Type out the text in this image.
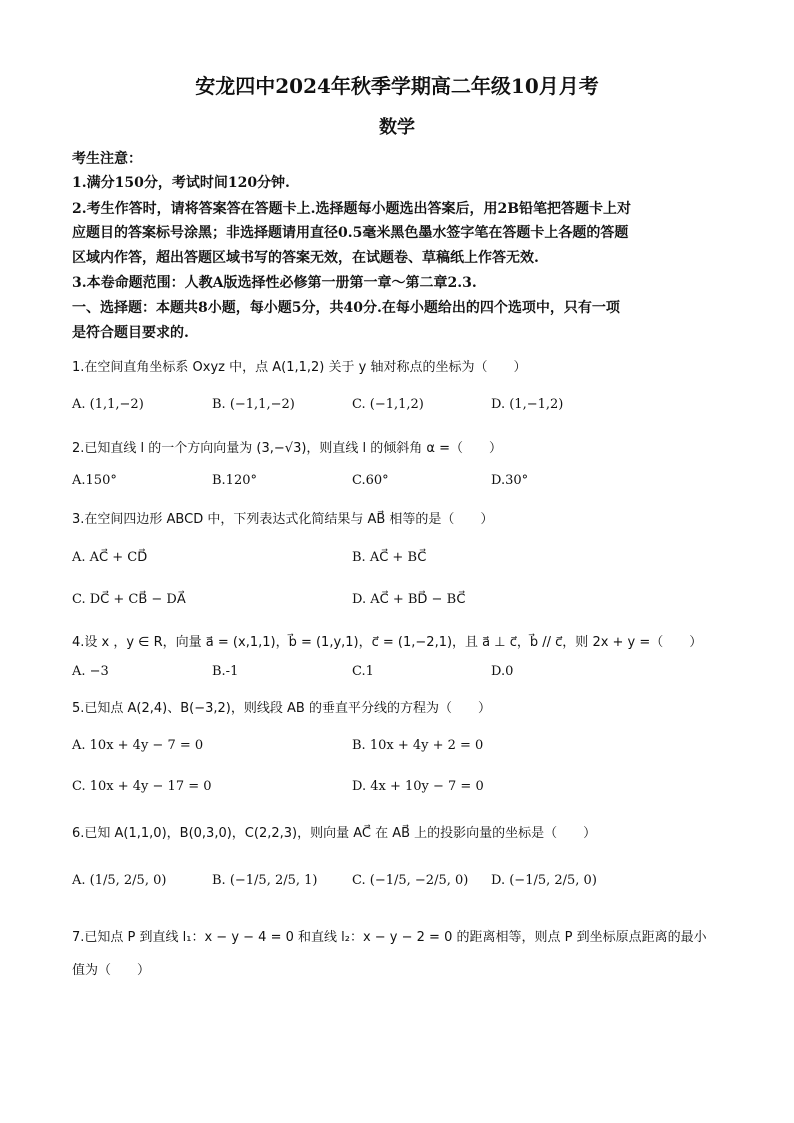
安龙四中2024年秋季学期高二年级10月月考
数学
考生注意：
1.满分150分，考试时间120分钟.
2.考生作答时，请将答案答在答题卡上.选择题每小题选出答案后，用2B铅笔把答题卡上对
应题目的答案标号涂黑；非选择题请用直径0.5毫米黑色墨水签字笔在答题卡上各题的答题
区域内作答，超出答题区域书写的答案无效，在试题卷、草稿纸上作答无效.
3.本卷命题范围：人教A版选择性必修第一册第一章～第二章2.3.
一、选择题：本题共8小题，每小题5分，共40分.在每小题给出的四个选项中，只有一项
是符合题目要求的.
1.在空间直角坐标系 Oxyz 中，点 A(1,1,2) 关于 y 轴对称点的坐标为（　　）
A. (1,1,−2)	B. (−1,1,−2)	C. (−1,1,2)	D. (1,−1,2)
2.已知直线 l 的一个方向向量为 (3,−√3)，则直线 l 的倾斜角 α =（　　）
A.150°	B.120°	C.60°	D.30°
3.在空间四边形 ABCD 中，下列表达式化简结果与 AB⃗ 相等的是（　　）
A. AC⃗ + CD⃗	B. AC⃗ + BC⃗
C. DC⃗ + CB⃗ − DA⃗	D. AC⃗ + BD⃗ − BC⃗
4.设 x ，y ∈ R，向量 a⃗ = (x,1,1)，b⃗ = (1,y,1)，c⃗ = (1,−2,1)，且 a⃗ ⊥ c⃗，b⃗ // c⃗，则 2x + y =（　　）
A. −3	B.-1	C.1	D.0
5.已知点 A(2,4)、B(−3,2)，则线段 AB 的垂直平分线的方程为（　　）
A. 10x + 4y − 7 = 0	B. 10x + 4y + 2 = 0
C. 10x + 4y − 17 = 0	D. 4x + 10y − 7 = 0
6.已知 A(1,1,0)，B(0,3,0)，C(2,2,3)，则向量 AC⃗ 在 AB⃗ 上的投影向量的坐标是（　　）
A. (1/5, 2/5, 0)	B. (−1/5, 2/5, 1)	C. (−1/5, −2/5, 0) D. (−1/5, 2/5, 0)
7.已知点 P 到直线 l₁：x − y − 4 = 0 和直线 l₂：x − y − 2 = 0 的距离相等，则点 P 到坐标原点距离的最小
值为（　　）
